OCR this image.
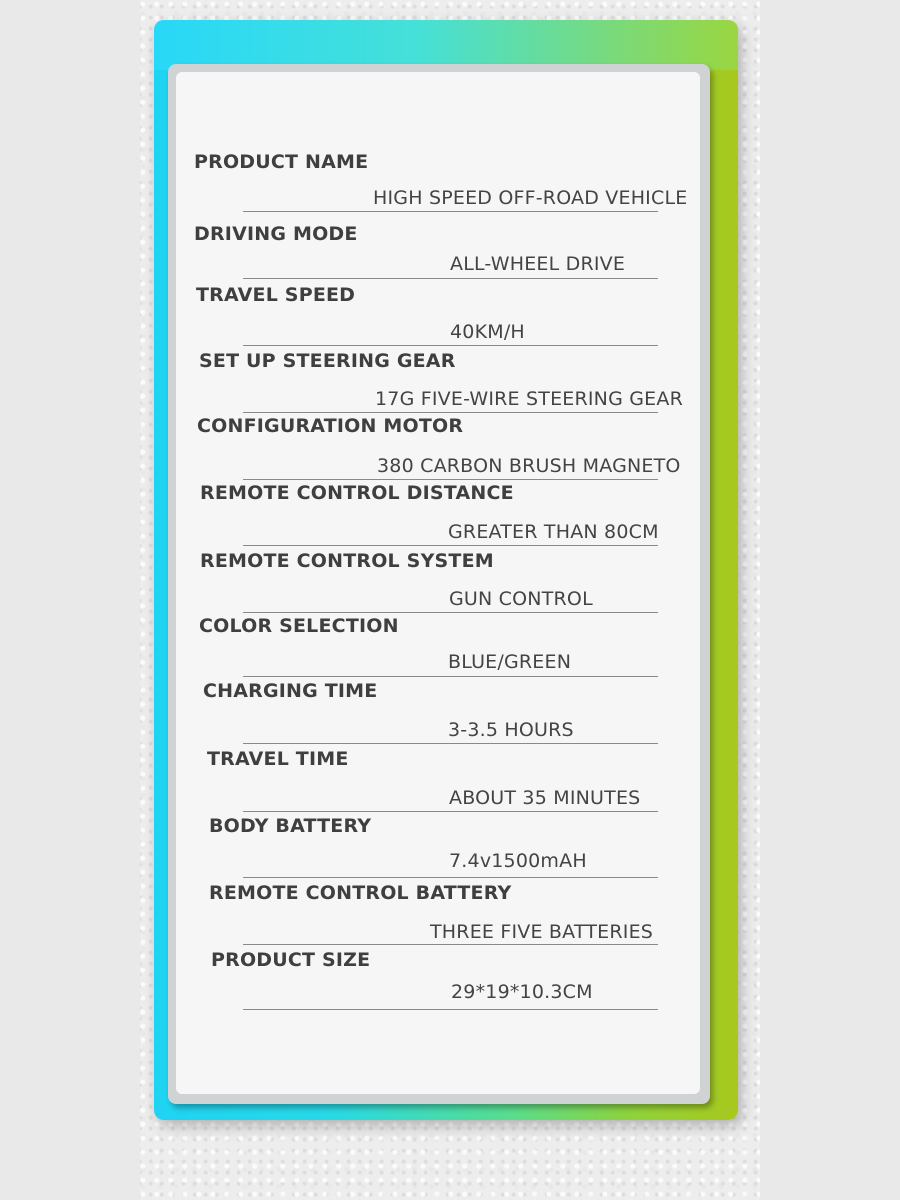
PRODUCT NAME
HIGH SPEED OFF-ROAD VEHICLE
DRIVING MODE
ALL-WHEEL DRIVE
TRAVEL SPEED
40KM/H
SET UP STEERING GEAR
17G FIVE-WIRE STEERING GEAR
CONFIGURATION MOTOR
380 CARBON BRUSH MAGNETO
REMOTE CONTROL DISTANCE
GREATER THAN 80CM
REMOTE CONTROL SYSTEM
GUN CONTROL
COLOR SELECTION
BLUE/GREEN
CHARGING TIME
3-3.5 HOURS
TRAVEL TIME
ABOUT 35 MINUTES
BODY BATTERY
7.4v1500mAH
REMOTE CONTROL BATTERY
THREE FIVE BATTERIES
PRODUCT SIZE
29*19*10.3CM
